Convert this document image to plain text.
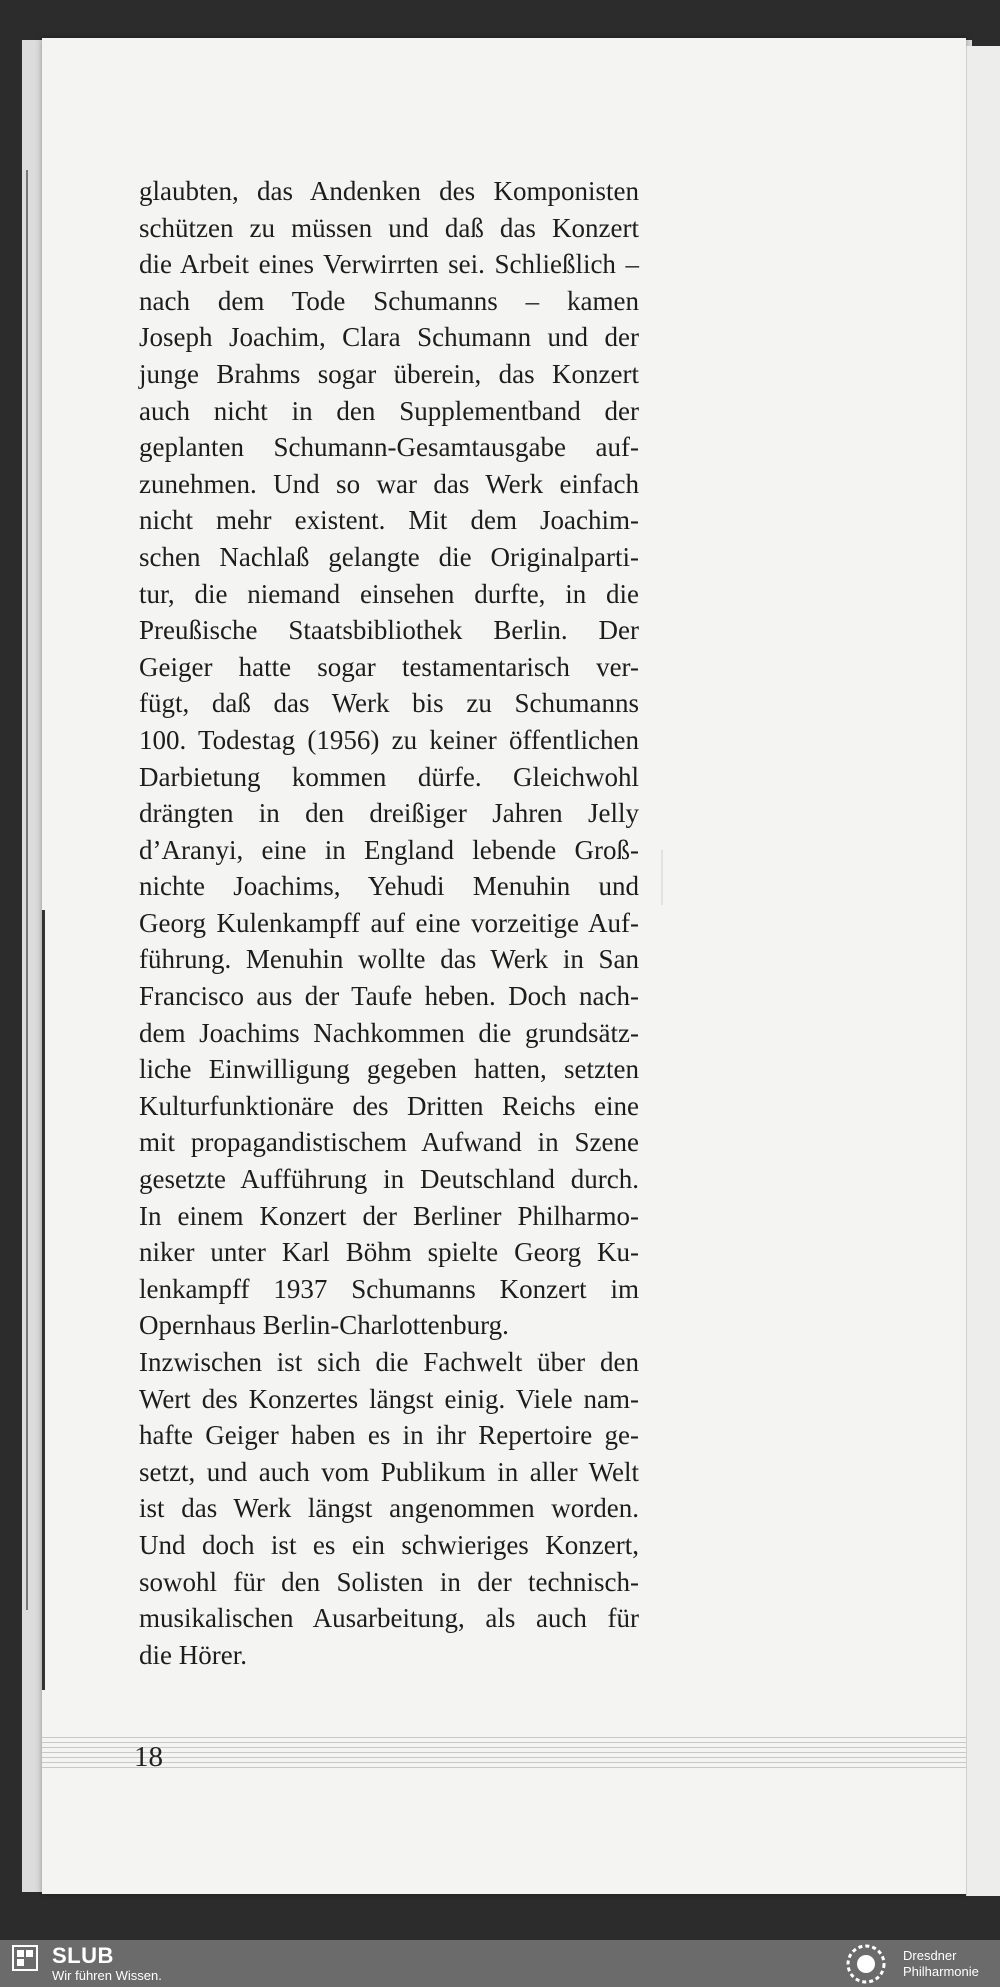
glaubten, das Andenken des Komponisten
schützen zu müssen und daß das Konzert
die Arbeit eines Verwirrten sei. Schließlich –
nach dem Tode Schumanns – kamen
Joseph Joachim, Clara Schumann und der
junge Brahms sogar überein, das Konzert
auch nicht in den Supplementband der
geplanten Schumann-Gesamtausgabe auf-
zunehmen. Und so war das Werk einfach
nicht mehr existent. Mit dem Joachim-
schen Nachlaß gelangte die Originalparti-
tur, die niemand einsehen durfte, in die
Preußische Staatsbibliothek Berlin. Der
Geiger hatte sogar testamentarisch ver-
fügt, daß das Werk bis zu Schumanns
100. Todestag (1956) zu keiner öffentlichen
Darbietung kommen dürfe. Gleichwohl
drängten in den dreißiger Jahren Jelly
d’Aranyi, eine in England lebende Groß-
nichte Joachims, Yehudi Menuhin und
Georg Kulenkampff auf eine vorzeitige Auf-
führung. Menuhin wollte das Werk in San
Francisco aus der Taufe heben. Doch nach-
dem Joachims Nachkommen die grundsätz-
liche Einwilligung gegeben hatten, setzten
Kulturfunktionäre des Dritten Reichs eine
mit propagandistischem Aufwand in Szene
gesetzte Aufführung in Deutschland durch.
In einem Konzert der Berliner Philharmo-
niker unter Karl Böhm spielte Georg Ku-
lenkampff 1937 Schumanns Konzert im
Opernhaus Berlin-Charlottenburg.
Inzwischen ist sich die Fachwelt über den
Wert des Konzertes längst einig. Viele nam-
hafte Geiger haben es in ihr Repertoire ge-
setzt, und auch vom Publikum in aller Welt
ist das Werk längst angenommen worden.
Und doch ist es ein schwieriges Konzert,
sowohl für den Solisten in der technisch-
musikalischen Ausarbeitung, als auch für
die Hörer.

18
SLUB
Wir führen Wissen.
Dresdner
Philharmonie
